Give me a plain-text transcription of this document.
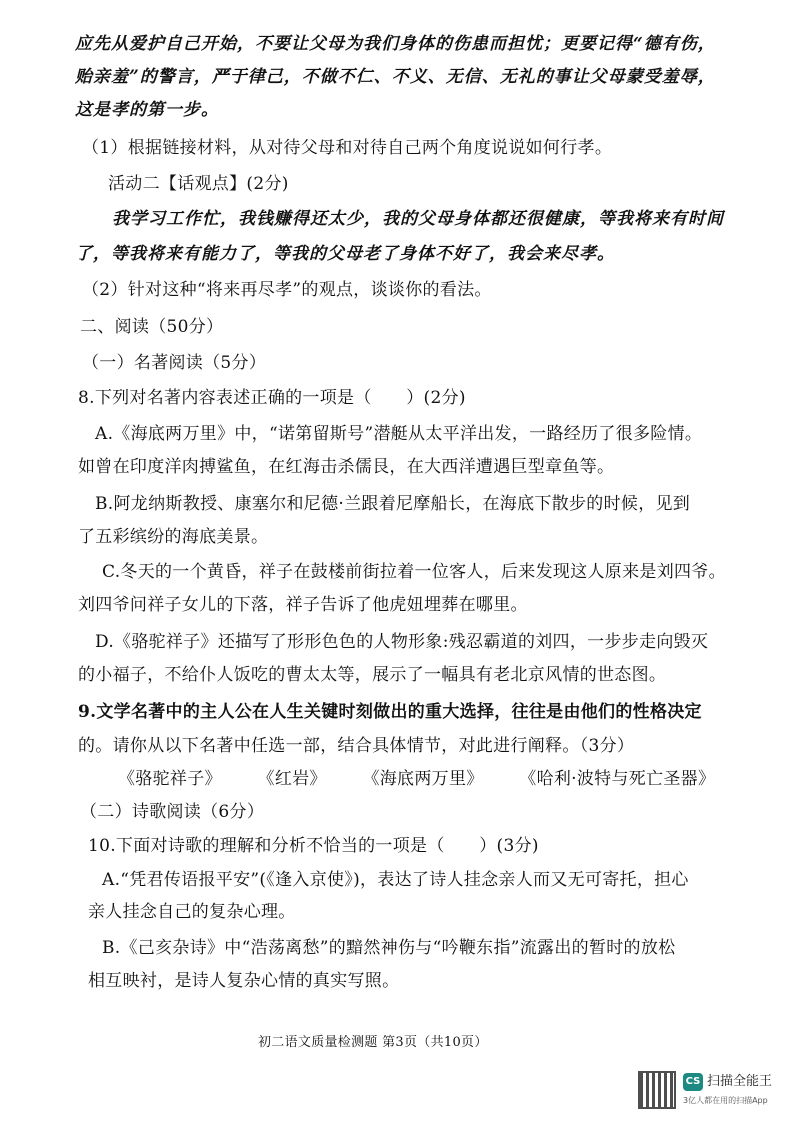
应先从爱护自己开始，不要让父母为我们身体的伤患而担忧；更要记得“德有伤，
贻亲羞”的警言，严于律己，不做不仁、不义、无信、无礼的事让父母蒙受羞辱，
这是孝的第一步。
（1）根据链接材料，从对待父母和对待自己两个角度说说如何行孝。
活动二【话观点】(2分)
我学习工作忙，我钱赚得还太少，我的父母身体都还很健康，等我将来有时间
了，等我将来有能力了，等我的父母老了身体不好了，我会来尽孝。
（2）针对这种“将来再尽孝”的观点，谈谈你的看法。
二、阅读（50分）
（一）名著阅读（5分）
8.下列对名著内容表述正确的一项是（　　）(2分)
A.《海底两万里》中，“诺第留斯号”潜艇从太平洋出发，一路经历了很多险情。
如曾在印度洋肉搏鲨鱼，在红海击杀儒艮，在大西洋遭遇巨型章鱼等。
B.阿龙纳斯教授、康塞尔和尼德·兰跟着尼摩船长，在海底下散步的时候，见到
了五彩缤纷的海底美景。
C.冬天的一个黄昏，祥子在鼓楼前街拉着一位客人，后来发现这人原来是刘四爷。
刘四爷问祥子女儿的下落，祥子告诉了他虎妞埋葬在哪里。
D.《骆驼祥子》还描写了形形色色的人物形象:残忍霸道的刘四，一步步走向毁灭
的小福子，不给仆人饭吃的曹太太等，展示了一幅具有老北京风情的世态图。
9.文学名著中的主人公在人生关键时刻做出的重大选择，往往是由他们的性格决定
的。请你从以下名著中任选一部，结合具体情节，对此进行阐释。（3分）
《骆驼祥子》 《红岩》 《海底两万里》 《哈利·波特与死亡圣器》
（二）诗歌阅读（6分）
10.下面对诗歌的理解和分析不恰当的一项是（　　）(3分)
A.“凭君传语报平安”(《逢入京使》)，表达了诗人挂念亲人而又无可寄托，担心
亲人挂念自己的复杂心理。
B.《己亥杂诗》中“浩荡离愁”的黯然神伤与“吟鞭东指”流露出的暂时的放松
相互映衬，是诗人复杂心情的真实写照。
初二语文质量检测题 第3页（共10页）
CS 扫描全能王
3亿人都在用的扫描App
